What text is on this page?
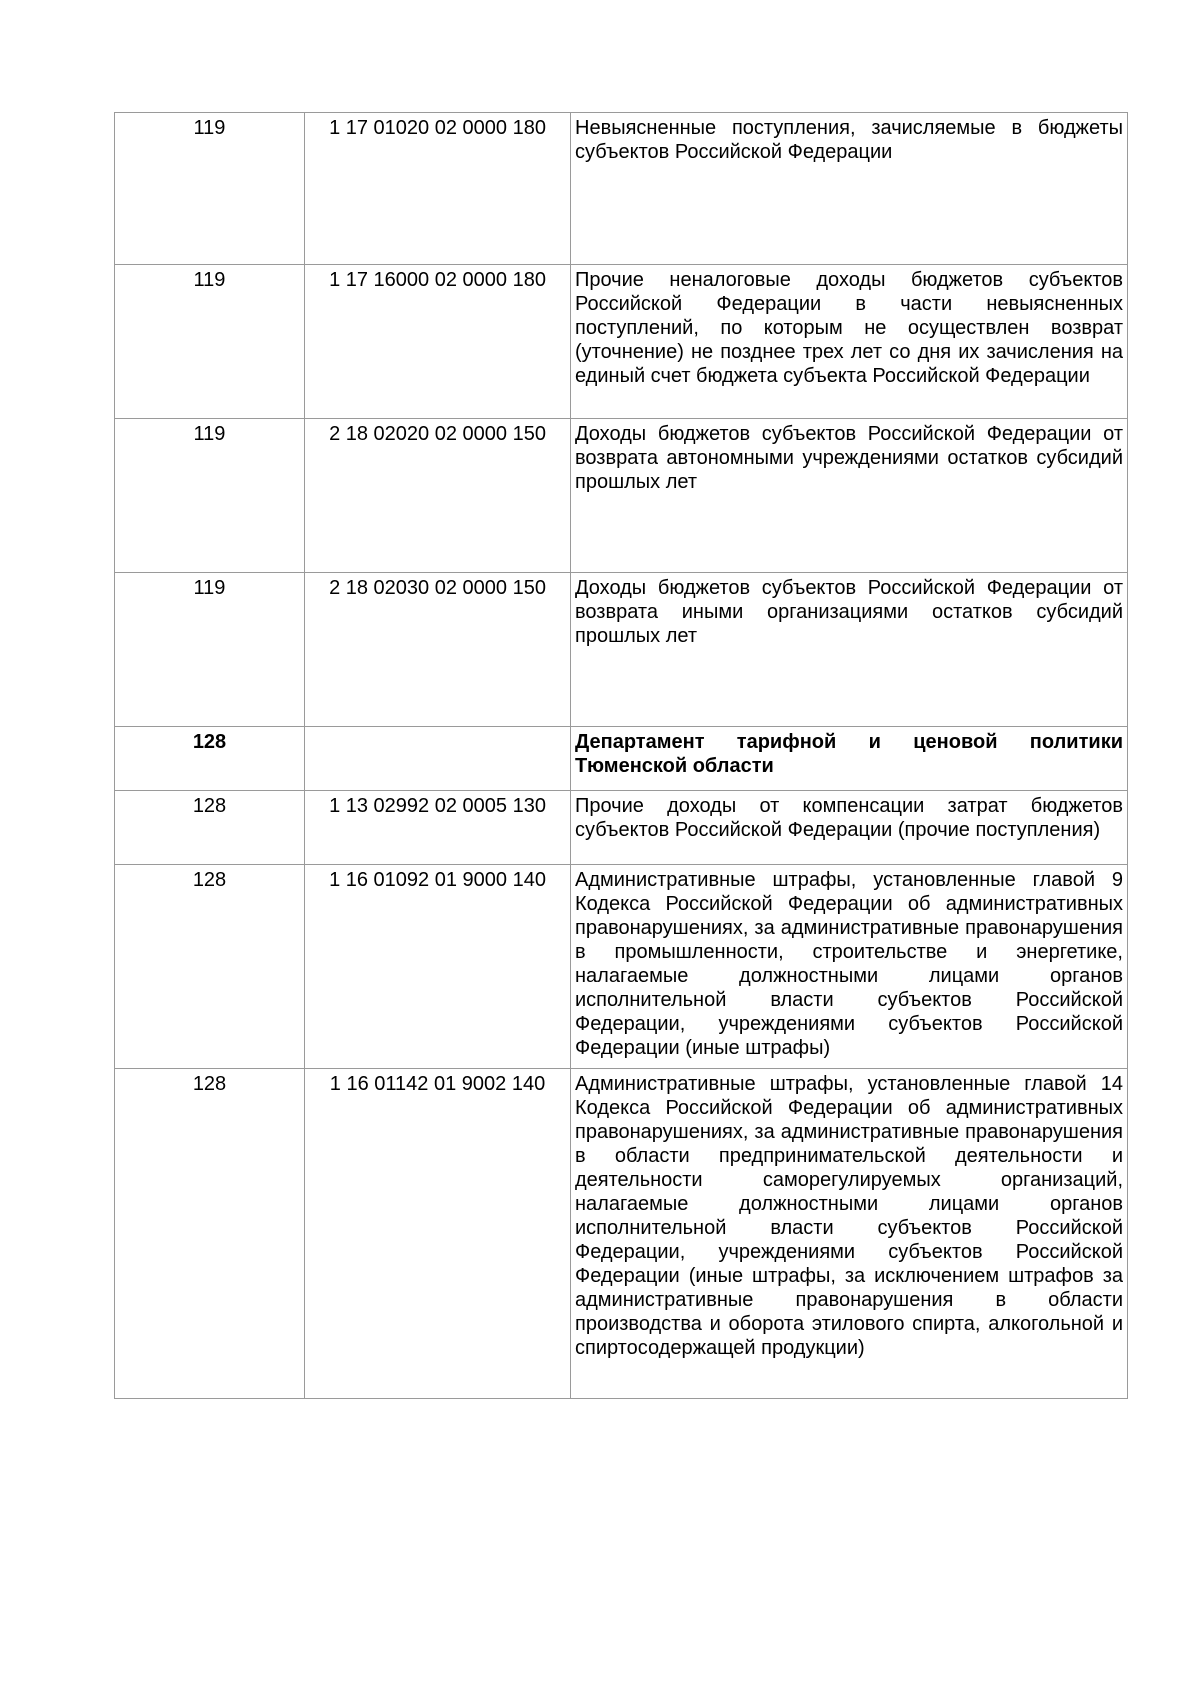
119	1 17 01020 02 0000 180	Невыясненные поступления, зачисляемые в бюджеты субъектов Российской Федерации
119	1 17 16000 02 0000 180	Прочие неналоговые доходы бюджетов субъектов Российской Федерации в части невыясненных поступлений, по которым не осуществлен возврат (уточнение) не позднее трех лет со дня их зачисления на единый счет бюджета субъекта Российской Федерации
119	2 18 02020 02 0000 150	Доходы бюджетов субъектов Российской Федерации от возврата автономными учреждениями остатков субсидий прошлых лет
119	2 18 02030 02 0000 150	Доходы бюджетов субъектов Российской Федерации от возврата иными организациями остатков субсидий прошлых лет
128		Департамент тарифной и ценовой политики Тюменской области
128	1 13 02992 02 0005 130	Прочие доходы от компенсации затрат бюджетов субъектов Российской Федерации (прочие поступления)
128	1 16 01092 01 9000 140	Административные штрафы, установленные главой 9 Кодекса Российской Федерации об административных правонарушениях, за административные правонарушения в промышленности, строительстве и энергетике, налагаемые должностными лицами органов исполнительной власти субъектов Российской Федерации, учреждениями субъектов Российской Федерации (иные штрафы)
128	1 16 01142 01 9002 140	Административные штрафы, установленные главой 14 Кодекса Российской Федерации об административных правонарушениях, за административные правонарушения в области предпринимательской деятельности и деятельности саморегулируемых организаций, налагаемые должностными лицами органов исполнительной власти субъектов Российской Федерации, учреждениями субъектов Российской Федерации (иные штрафы, за исключением штрафов за административные правонарушения в области производства и оборота этилового спирта, алкогольной и спиртосодержащей продукции)
